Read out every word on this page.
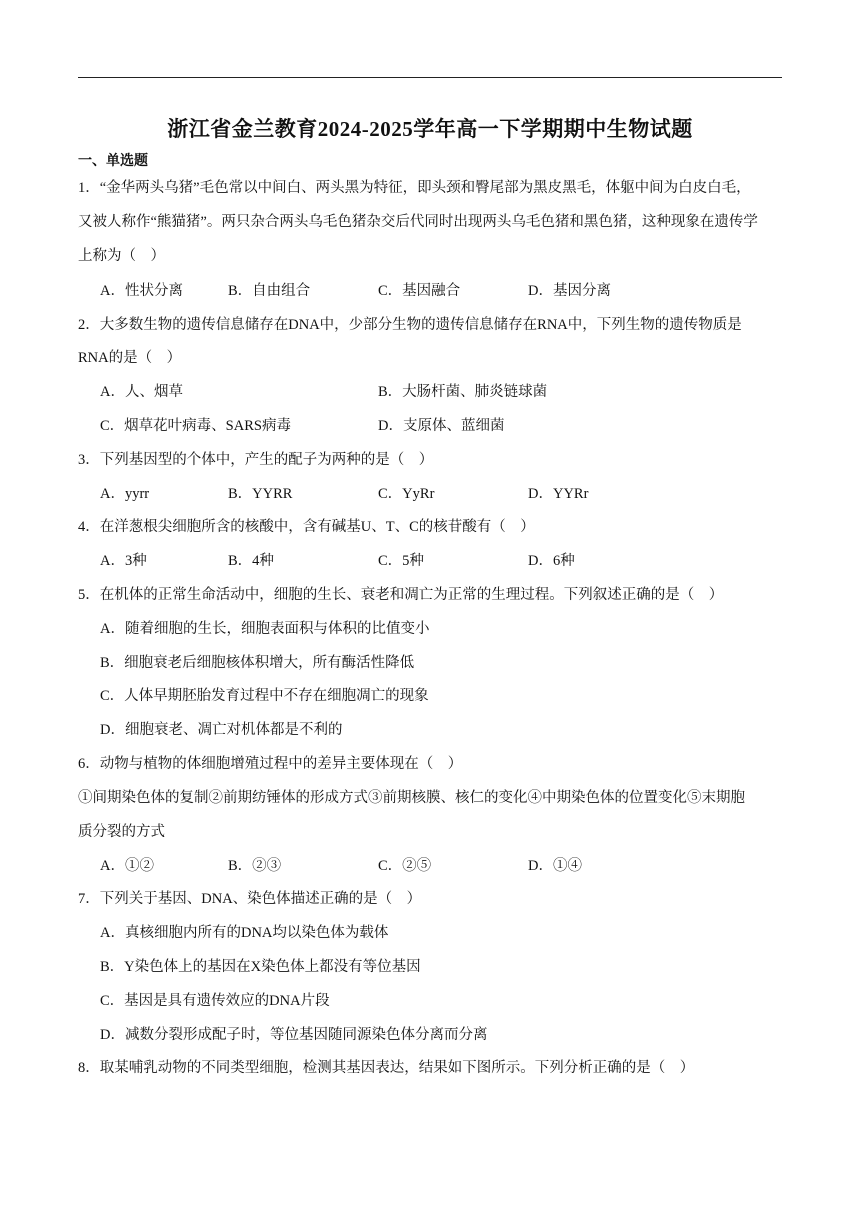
浙江省金兰教育2024-2025学年高一下学期期中生物试题
一、单选题
1．“金华两头乌猪”毛色常以中间白、两头黑为特征，即头颈和臀尾部为黑皮黑毛，体躯中间为白皮白毛，
又被人称作“熊猫猪”。两只杂合两头乌毛色猪杂交后代同时出现两头乌毛色猪和黑色猪，这种现象在遗传学
上称为（　）
A．性状分离	B．自由组合	C．基因融合	D．基因分离
2．大多数生物的遗传信息储存在DNA中，少部分生物的遗传信息储存在RNA中，下列生物的遗传物质是
RNA的是（　）
A．人、烟草	B．大肠杆菌、肺炎链球菌
C．烟草花叶病毒、SARS病毒	D．支原体、蓝细菌
3．下列基因型的个体中，产生的配子为两种的是（　）
A．yyrr	B．YYRR	C．YyRr	D．YYRr
4．在洋葱根尖细胞所含的核酸中，含有碱基U、T、C的核苷酸有（　）
A．3种	B．4种	C．5种	D．6种
5．在机体的正常生命活动中，细胞的生长、衰老和凋亡为正常的生理过程。下列叙述正确的是（　）
A．随着细胞的生长，细胞表面积与体积的比值变小
B．细胞衰老后细胞核体积增大，所有酶活性降低
C．人体早期胚胎发育过程中不存在细胞凋亡的现象
D．细胞衰老、凋亡对机体都是不利的
6．动物与植物的体细胞增殖过程中的差异主要体现在（　）
①间期染色体的复制②前期纺锤体的形成方式③前期核膜、核仁的变化④中期染色体的位置变化⑤末期胞
质分裂的方式
A．①②	B．②③	C．②⑤	D．①④
7．下列关于基因、DNA、染色体描述正确的是（　）
A．真核细胞内所有的DNA均以染色体为载体
B．Y染色体上的基因在X染色体上都没有等位基因
C．基因是具有遗传效应的DNA片段
D．减数分裂形成配子时，等位基因随同源染色体分离而分离
8．取某哺乳动物的不同类型细胞，检测其基因表达，结果如下图所示。下列分析正确的是（　）
